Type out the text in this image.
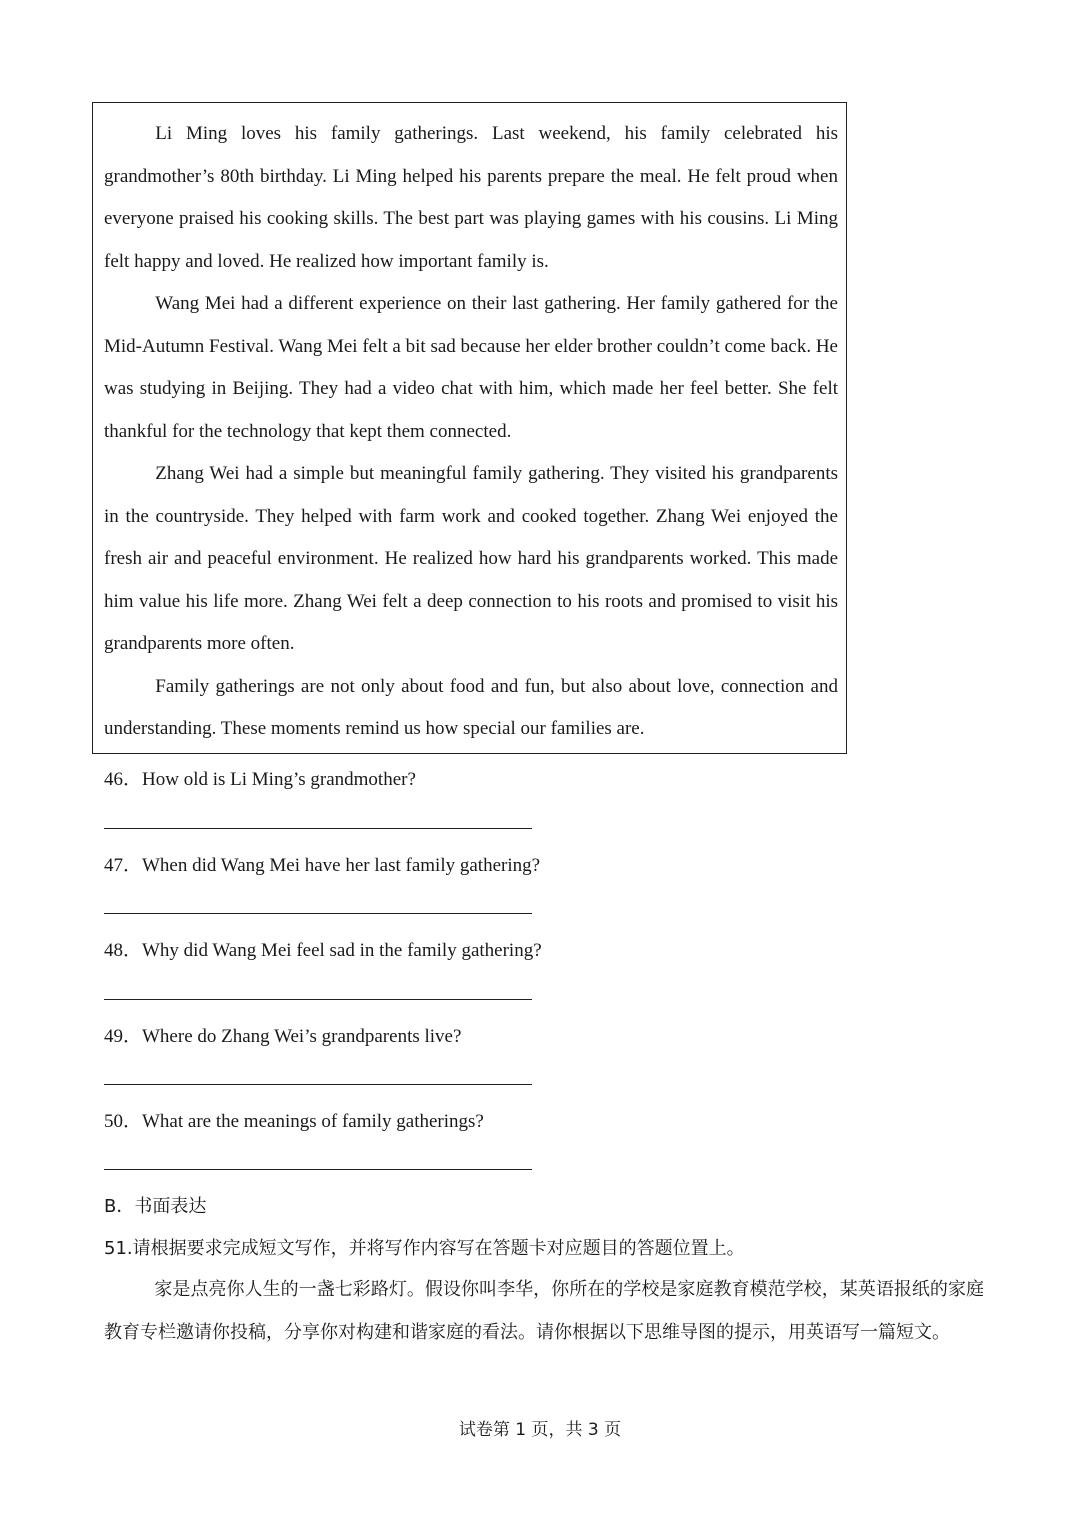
Li Ming loves his family gatherings. Last weekend, his family celebrated his grandmother’s 80th birthday. Li Ming helped his parents prepare the meal. He felt proud when everyone praised his cooking skills. The best part was playing games with his cousins. Li Ming felt happy and loved. He realized how important family is.

Wang Mei had a different experience on their last gathering. Her family gathered for the Mid-Autumn Festival. Wang Mei felt a bit sad because her elder brother couldn’t come back. He was studying in Beijing. They had a video chat with him, which made her feel better. She felt thankful for the technology that kept them connected.

Zhang Wei had a simple but meaningful family gathering. They visited his grandparents in the countryside. They helped with farm work and cooked together. Zhang Wei enjoyed the fresh air and peaceful environment. He realized how hard his grandparents worked. This made him value his life more. Zhang Wei felt a deep connection to his roots and promised to visit his grandparents more often.

Family gatherings are not only about food and fun, but also about love, connection and understanding. These moments remind us how special our families are.

46．How old is Li Ming’s grandmother?
47．When did Wang Mei have her last family gathering?
48．Why did Wang Mei feel sad in the family gathering?
49．Where do Zhang Wei’s grandparents live?
50．What are the meanings of family gatherings?
B．书面表达
51.请根据要求完成短文写作，并将写作内容写在答题卡对应题目的答题位置上。

家是点亮你人生的一盏七彩路灯。假设你叫李华，你所在的学校是家庭教育模范学校，某英语报纸的家庭教育专栏邀请你投稿，分享你对构建和谐家庭的看法。请你根据以下思维导图的提示，用英语写一篇短文。

试卷第 1 页，共 3 页
